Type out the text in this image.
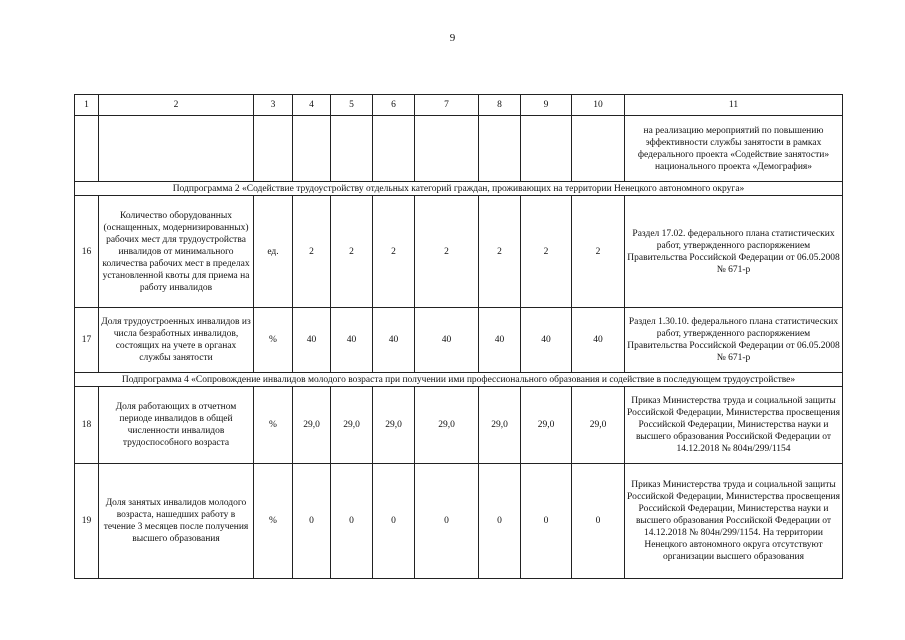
9
1	2	3	4	5	6	7	8	9	10	11
										на реализацию мероприятий по повышению эффективности службы занятости в рамках федерального проекта «Содействие занятости» национального проекта «Демография»
Подпрограмма 2 «Содействие трудоустройству отдельных категорий граждан, проживающих на территории Ненецкого автономного округа»										
16	Количество оборудованных (оснащенных, модернизированных) рабочих мест для трудоустройства инвалидов от минимального количества рабочих мест в пределах установленной квоты для приема на работу инвалидов	ед.	2	2	2	2	2	2	2	Раздел 17.02. федерального плана статистических работ, утвержденного распоряжением Правительства Российской Федерации от 06.05.2008 № 671-р
17	Доля трудоустроенных инвалидов из числа безработных инвалидов, состоящих на учете в органах службы занятости	%	40	40	40	40	40	40	40	Раздел 1.30.10. федерального плана статистических работ, утвержденного распоряжением Правительства Российской Федерации от 06.05.2008 № 671-р
Подпрограмма 4 «Сопровождение инвалидов молодого возраста при получении ими профессионального образования и содействие в последующем трудоустройстве»										
18	Доля работающих в отчетном периоде инвалидов в общей численности инвалидов трудоспособного возраста	%	29,0	29,0	29,0	29,0	29,0	29,0	29,0	Приказ Министерства труда и социальной защиты Российской Федерации, Министерства просвещения Российской Федерации, Министерства науки и высшего образования Российской Федерации от 14.12.2018 № 804н/299/1154
19	Доля занятых инвалидов молодого возраста, нашедших работу в течение 3 месяцев после получения высшего образования	%	0	0	0	0	0	0	0	Приказ Министерства труда и социальной защиты Российской Федерации, Министерства просвещения Российской Федерации, Министерства науки и высшего образования Российской Федерации от 14.12.2018 № 804н/299/1154. На территории Ненецкого автономного округа отсутствуют организации высшего образования
